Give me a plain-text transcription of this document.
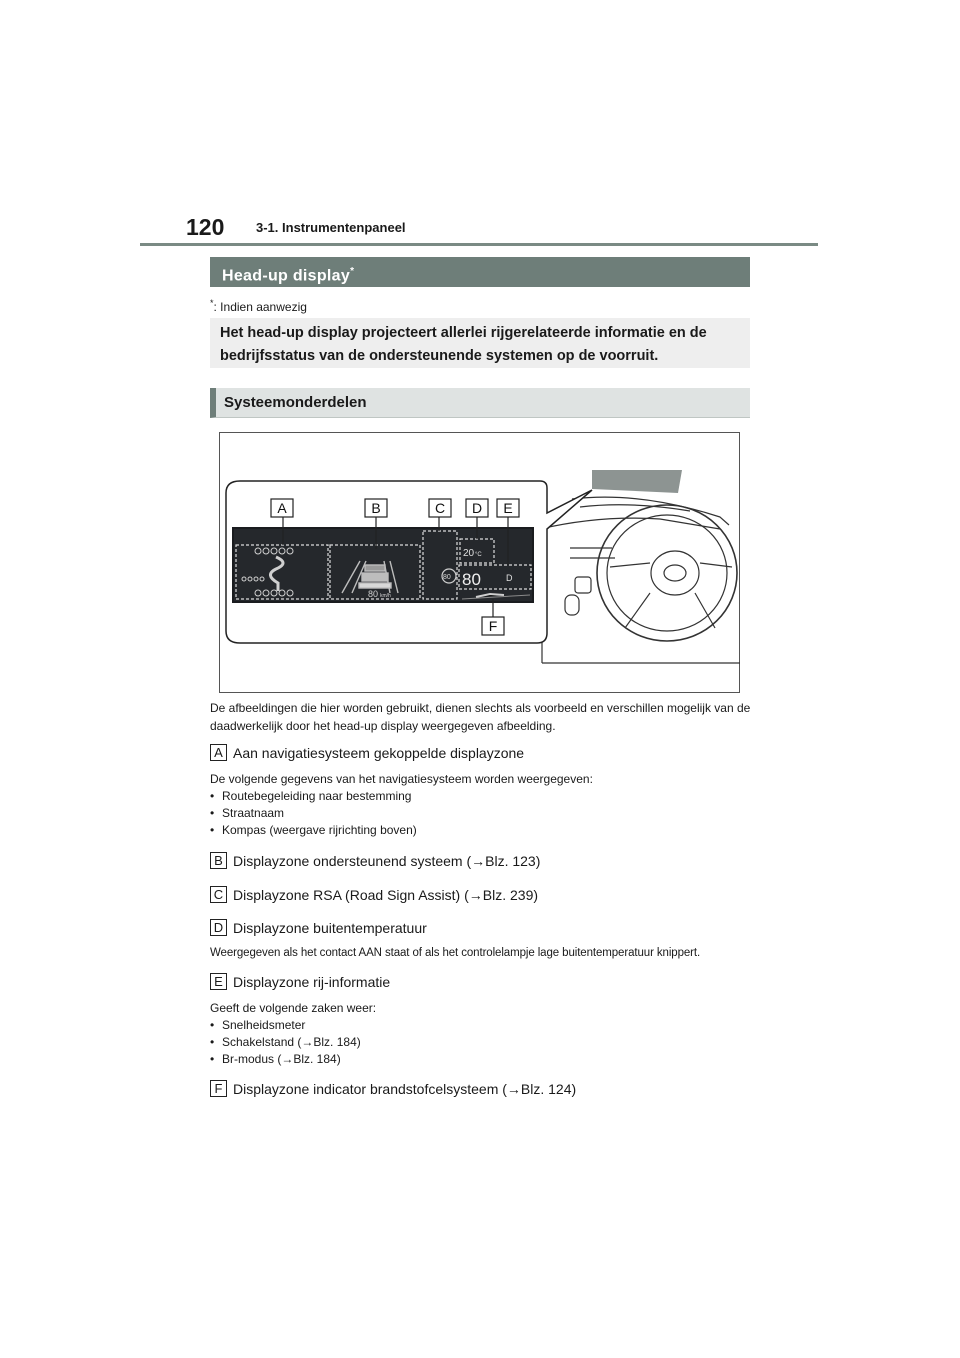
120 3-1. Instrumentenpaneel
Head-up display*
*: Indien aanwezig
Het head-up display projecteert allerlei rijgerelateerde informatie en de bedrijfsstatus van de ondersteunende systemen op de voorruit.
Systeemonderdelen
80 km/h
80
20 °C
80	D
A	B	C D E
F
De afbeeldingen die hier worden gebruikt, dienen slechts als voorbeeld en verschillen mogelijk van de daadwerkelijk door het head-up display weergegeven afbeelding.
A Aan navigatiesysteem gekoppelde displayzone
De volgende gegevens van het navigatiesysteem worden weergegeven:
• Routebegeleiding naar bestemming
• Straatnaam
• Kompas (weergave rijrichting boven)
B Displayzone ondersteunend systeem (→Blz. 123)
C Displayzone RSA (Road Sign Assist) (→Blz. 239)
D Displayzone buitentemperatuur
Weergegeven als het contact AAN staat of als het controlelampje lage buitentemperatuur knippert.
E Displayzone rij-informatie
Geeft de volgende zaken weer:
• Snelheidsmeter
• Schakelstand (→Blz. 184)
• Br-modus (→Blz. 184)
F Displayzone indicator brandstofcelsysteem (→Blz. 124)
